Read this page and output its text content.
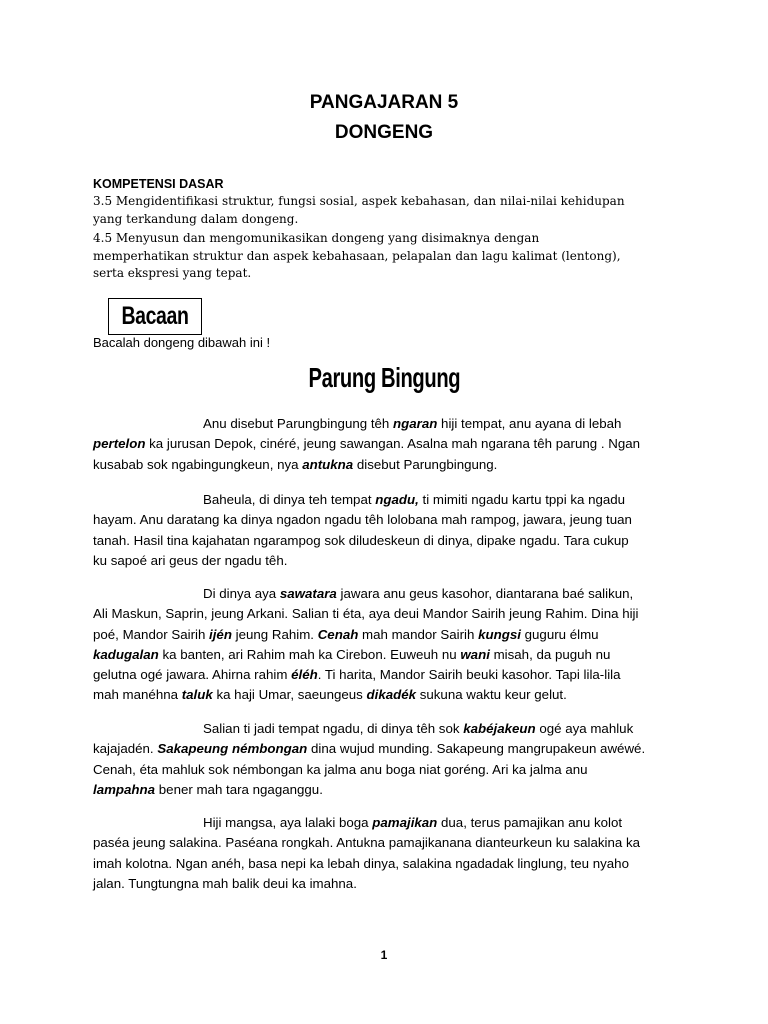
PANGAJARAN 5
DONGENG
KOMPETENSI DASAR
3.5 Mengidentifikasi struktur, fungsi sosial, aspek kebahasan, dan nilai-nilai kehidupan
yang terkandung dalam dongeng.
4.5 Menyusun dan mengomunikasikan dongeng yang disimaknya dengan
memperhatikan struktur dan aspek kebahasaan, pelapalan dan lagu kalimat (lentong),
serta ekspresi yang tepat.
Bacaan
Bacalah dongeng dibawah ini !
Parung Bingung
Anu disebut Parungbingung têh ngaran hiji tempat, anu ayana di lebah
pertelon ka jurusan Depok, cinéré, jeung sawangan. Asalna mah ngarana têh parung . Ngan
kusabab sok ngabingungkeun, nya antukna disebut Parungbingung.
Baheula, di dinya teh tempat ngadu, ti mimiti ngadu kartu tppi ka ngadu
hayam. Anu daratang ka dinya ngadon ngadu têh lolobana mah rampog, jawara, jeung tuan
tanah. Hasil tina kajahatan ngarampog sok diludeskeun di dinya, dipake ngadu. Tara cukup
ku sapoé ari geus der ngadu têh.
Di dinya aya sawatara jawara anu geus kasohor, diantarana baé salikun,
Ali Maskun, Saprin, jeung Arkani. Salian ti éta, aya deui Mandor Sairih jeung Rahim. Dina hiji
poé, Mandor Sairih ijén jeung Rahim. Cenah mah mandor Sairih kungsi guguru élmu
kadugalan ka banten, ari Rahim mah ka Cirebon. Euweuh nu wani misah, da puguh nu
gelutna ogé jawara. Ahirna rahim éléh. Ti harita, Mandor Sairih beuki kasohor. Tapi lila-lila
mah manéhna taluk ka haji Umar, saeungeus dikadék sukuna waktu keur gelut.
Salian ti jadi tempat ngadu, di dinya têh sok kabéjakeun ogé aya mahluk
kajajadén. Sakapeung némbongan dina wujud munding. Sakapeung mangrupakeun awéwé.
Cenah, éta mahluk sok némbongan ka jalma anu boga niat goréng. Ari ka jalma anu
lampahna bener mah tara ngaganggu.
Hiji mangsa, aya lalaki boga pamajikan dua, terus pamajikan anu kolot
paséa jeung salakina. Paséana rongkah. Antukna pamajikanana dianteurkeun ku salakina ka
imah kolotna. Ngan anéh, basa nepi ka lebah dinya, salakina ngadadak linglung, teu nyaho
jalan. Tungtungna mah balik deui ka imahna.
1
